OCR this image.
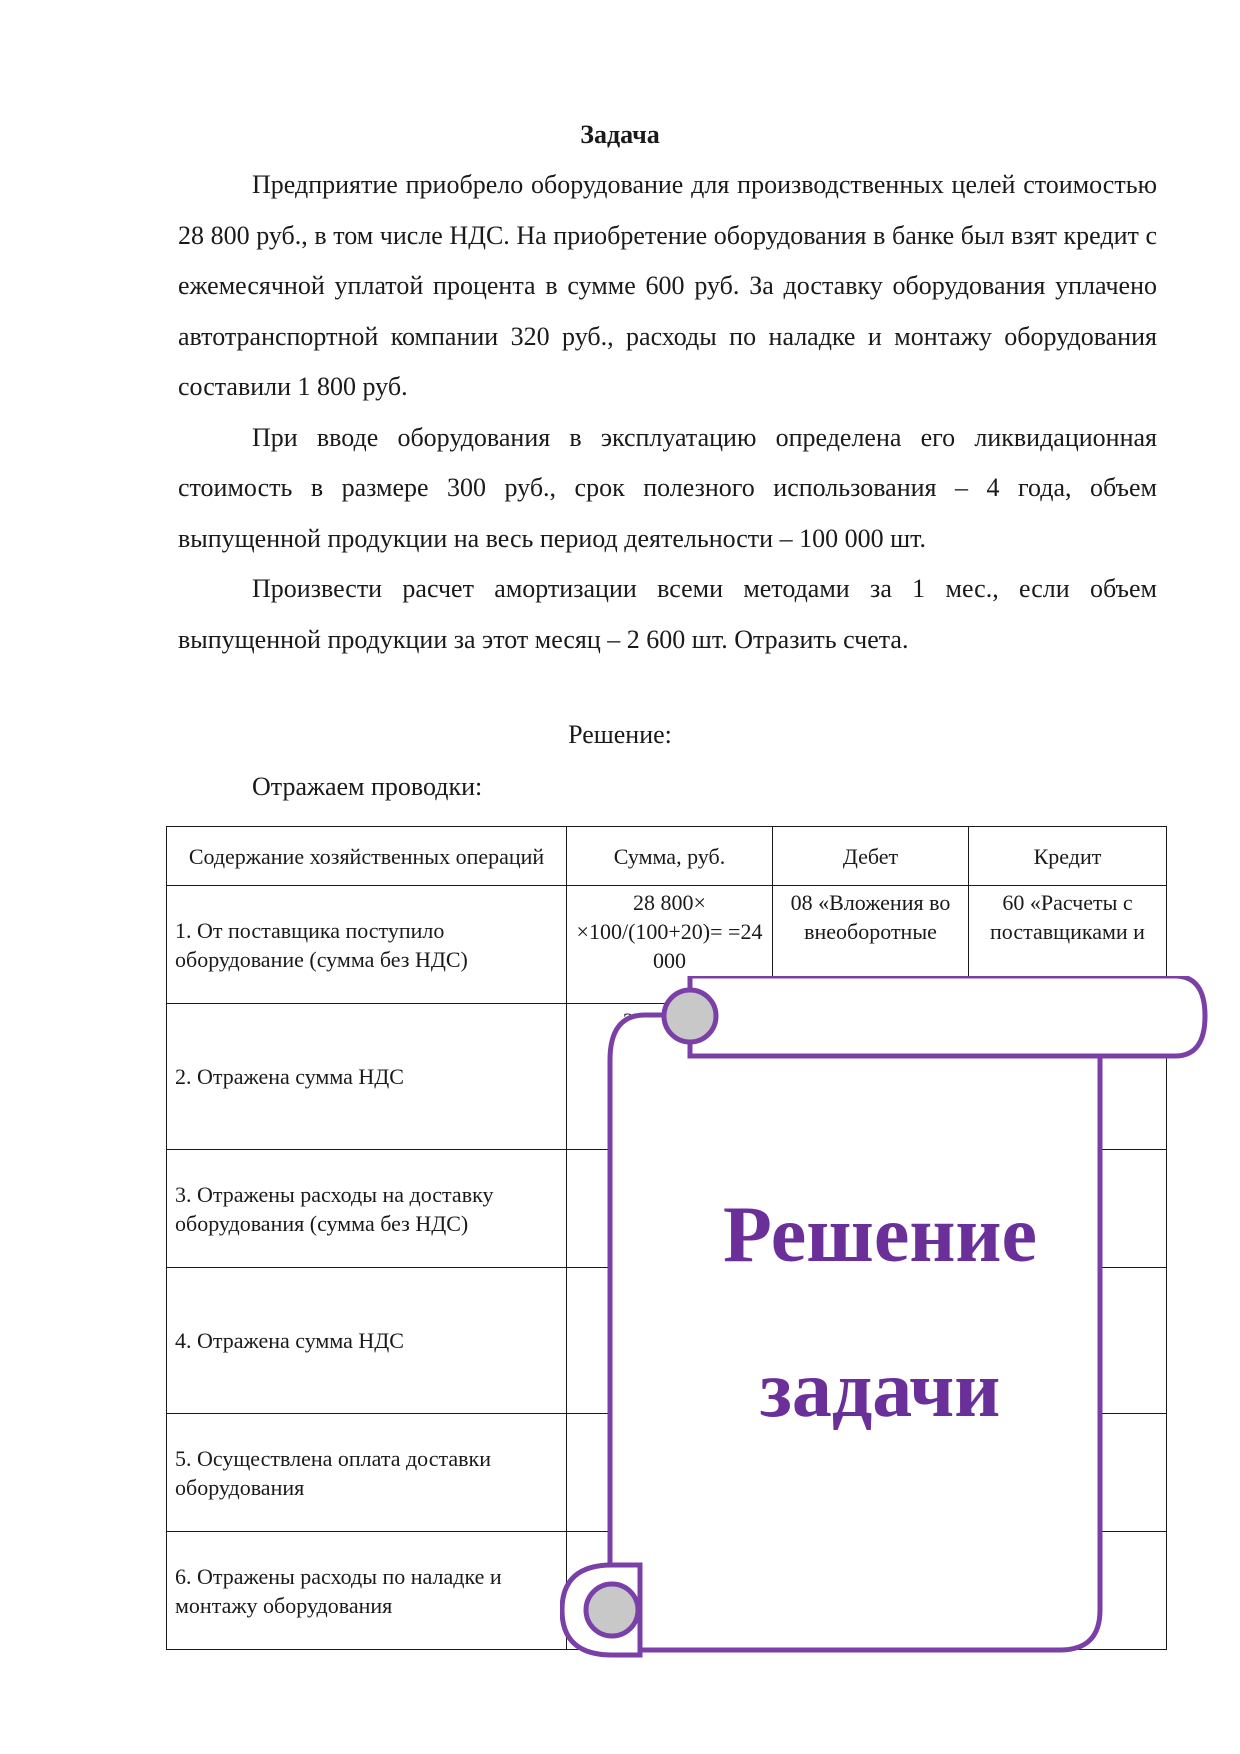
Задача

Предприятие приобрело оборудование для производственных целей стоимостью 28 800 руб., в том числе НДС. На приобретение оборудования в банке был взят кредит с ежемесячной уплатой процента в сумме 600 руб. За доставку оборудования уплачено автотранспортной компании 320 руб., расходы по наладке и монтажу оборудования составили 1 800 руб.

При вводе оборудования в эксплуатацию определена его ликвидационная стоимость в размере 300 руб., срок полезного использования – 4 года, объем выпущенной продукции на весь период деятельности – 100 000 шт.

Произвести расчет амортизации всеми методами за 1 мес., если объем выпущенной продукции за этот месяц – 2 600 шт. Отразить счета.

Решение:
Отражаем проводки:
Содержание хозяйственных операций	Сумма, руб.	Дебет	Кредит
1. От поставщика поступило оборудование (сумма без НДС)	28 800× ×100/(100+20)= =24 000	08 «Вложения во внеоборотные	60 «Расчеты с поставщиками и
2. Отражена сумма НДС			
3. Отражены расходы на доставку оборудования (сумма без НДС)			
4. Отражена сумма НДС			
5. Осуществлена оплата доставки оборудования			
6. Отражены расходы по наладке и монтажу оборудования			
Решение
задачи
